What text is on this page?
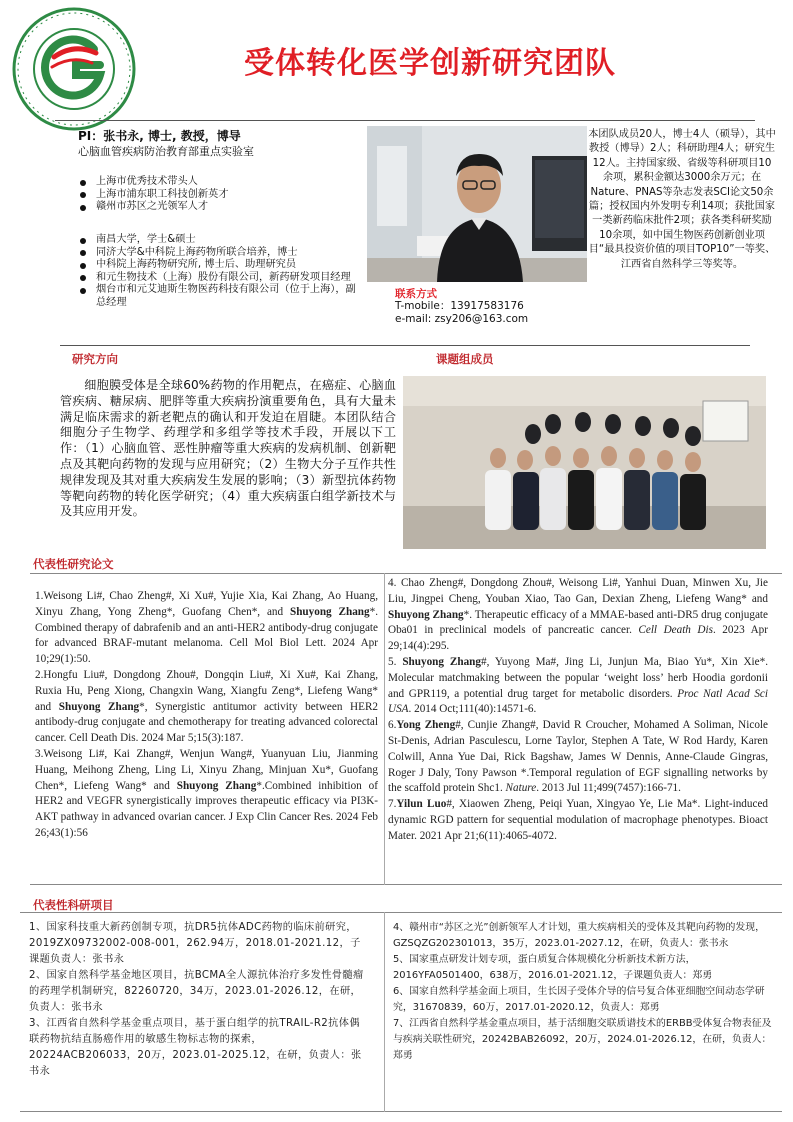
受体转化医学创新研究团队
PI：张书永, 博士, 教授，博导
心脑血管疾病防治教育部重点实验室
上海市优秀技术带头人
上海市浦东职工科技创新英才
赣州市苏区之光领军人才
南昌大学，学士&硕士
同济大学&中科院上海药物所联合培养，博士
中科院上海药物研究所, 博士后、助理研究员
和元生物技术（上海）股份有限公司，新药研发项目经理
烟台市和元艾迪斯生物医药科技有限公司（位于上海），副总经理
联系方式
T-mobile：13917583176
e-mail: zsy206@163.com
本团队成员20人，博士4人（硕导），其中教授（博导）2人；科研助理4人；研究生12人。主持国家级、省级等科研项目10余项，累积金额达3000余万元；在Nature、PNAS等杂志发表SCI论文50余篇；授权国内外发明专利14项；获批国家一类新药临床批件2项；获各类科研奖励10余项，如中国生物医药创新创业项目“最具投资价值的项目TOP10”一等奖、江西省自然科学三等奖等。
研究方向	课题组成员
细胞膜受体是全球60%药物的作用靶点，在癌症、心脑血管疾病、糖尿病、肥胖等重大疾病扮演重要角色，具有大量未满足临床需求的新老靶点的确认和开发迫在眉睫。本团队结合细胞分子生物学、药理学和多组学等技术手段，开展以下工作：（1）心脑血管、恶性肿瘤等重大疾病的发病机制、创新靶点及其靶向药物的发现与应用研究；（2）生物大分子互作共性规律发现及其对重大疾病发生发展的影响；（3）新型抗体药物等靶向药物的转化医学研究；（4）重大疾病蛋白组学新技术与及其应用开发。
代表性研究论文

1.Weisong Li#, Chao Zheng#, Xi Xu#, Yujie Xia, Kai Zhang, Ao Huang, Xinyu Zhang, Yong Zheng*, Guofang Chen*, and Shuyong Zhang*. Combined therapy of dabrafenib and an anti-HER2 antibody-drug conjugate for advanced BRAF-mutant melanoma. Cell Mol Biol Lett. 2024 Apr 10;29(1):50.

2.Hongfu Liu#, Dongdong Zhou#, Dongqin Liu#, Xi Xu#, Kai Zhang, Ruxia Hu, Peng Xiong, Changxin Wang, Xiangfu Zeng*, Liefeng Wang* and Shuyong Zhang*, Synergistic antitumor activity between HER2 antibody-drug conjugate and chemotherapy for treating advanced colorectal cancer. Cell Death Dis. 2024 Mar 5;15(3):187.

3.Weisong Li#, Kai Zhang#, Wenjun Wang#, Yuanyuan Liu, Jianming Huang, Meihong Zheng, Ling Li, Xinyu Zhang, Minjuan Xu*, Guofang Chen*, Liefeng Wang* and Shuyong Zhang*.Combined inhibition of HER2 and VEGFR synergistically improves therapeutic efficacy via PI3K-AKT pathway in advanced ovarian cancer. J Exp Clin Cancer Res. 2024 Feb 26;43(1):56

4. Chao Zheng#, Dongdong Zhou#, Weisong Li#, Yanhui Duan, Minwen Xu, Jie Liu, Jingpei Cheng, Youban Xiao, Tao Gan, Dexian Zheng, Liefeng Wang* and Shuyong Zhang*. Therapeutic efficacy of a MMAE-based anti-DR5 drug conjugate Oba01 in preclinical models of pancreatic cancer. Cell Death Dis. 2023 Apr 29;14(4):295.

5. Shuyong Zhang#, Yuyong Ma#, Jing Li, Junjun Ma, Biao Yu*, Xin Xie*. Molecular matchmaking between the popular ‘weight loss’ herb Hoodia gordonii and GPR119, a potential drug target for metabolic disorders. Proc Natl Acad Sci USA. 2014 Oct;111(40):14571-6.

6.Yong Zheng#, Cunjie Zhang#, David R Croucher, Mohamed A Soliman, Nicole St-Denis, Adrian Pasculescu, Lorne Taylor, Stephen A Tate, W Rod Hardy, Karen Colwill, Anna Yue Dai, Rick Bagshaw, James W Dennis, Anne-Claude Gingras, Roger J Daly, Tony Pawson *.Temporal regulation of EGF signalling networks by the scaffold protein Shc1. Nature. 2013 Jul 11;499(7457):166-71.

7.Yilun Luo#, Xiaowen Zheng, Peiqi Yuan, Xingyao Ye, Lie Ma*. Light-induced dynamic RGD pattern for sequential modulation of macrophage phenotypes. Bioact Mater. 2021 Apr 21;6(11):4065-4072.

代表性科研项目

1、国家科技重大新药创制专项，抗DR5抗体ADC药物的临床前研究，2019ZX09732002-008-001，262.94万，2018.01-2021.12，子课题负责人：张书永

2、国家自然科学基金地区项目，抗BCMA全人源抗体治疗多发性骨髓瘤的药理学机制研究，82260720，34万，2023.01-2026.12，在研，负责人：张书永

3、江西省自然科学基金重点项目，基于蛋白组学的抗TRAIL-R2抗体偶联药物抗结直肠癌作用的敏感生物标志物的探索，20224ACB206033，20万，2023.01-2025.12，在研，负责人：张书永

4、赣州市“苏区之光”创新领军人才计划，重大疾病相关的受体及其靶向药物的发现，GZSQZG202301013，35万，2023.01-2027.12，在研，负责人：张书永

5、国家重点研发计划专项，蛋白质复合体规模化分析新技术新方法，2016YFA0501400，638万，2016.01-2021.12，子课题负责人：郑勇

6、国家自然科学基金面上项目，生长因子受体介导的信号复合体亚细胞空间动态学研究，31670839，60万，2017.01-2020.12，负责人：郑勇

7、江西省自然科学基金重点项目，基于活细胞交联质谱技术的ERBB受体复合物表征及与疾病关联性研究，20242BAB26092，20万，2024.01-2026.12，在研，负责人：郑勇
